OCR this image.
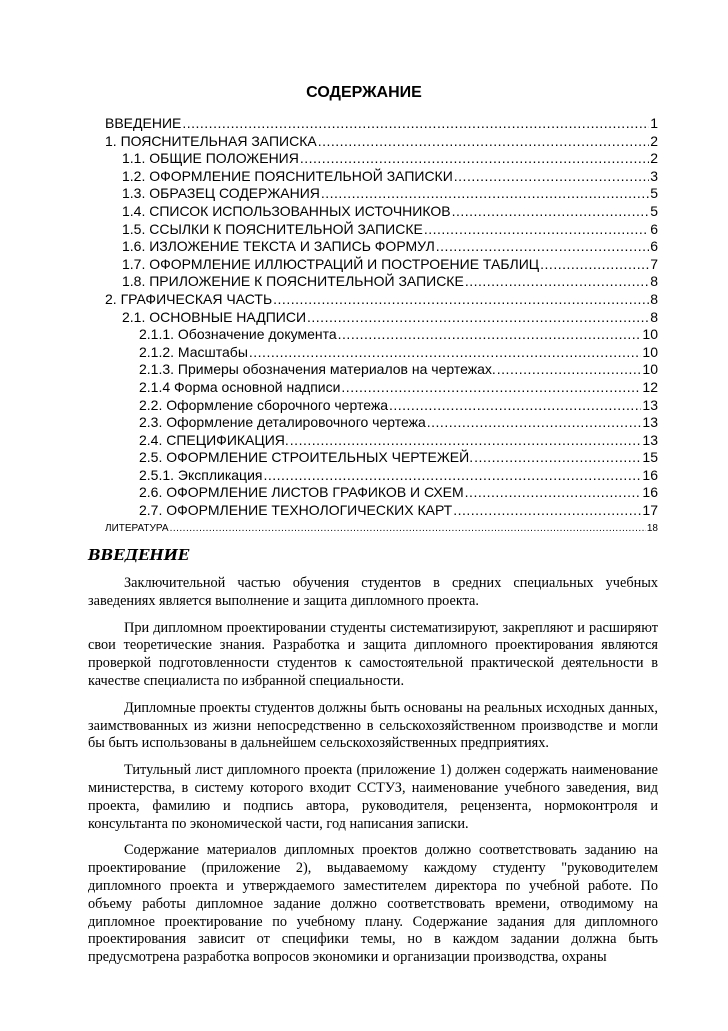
СОДЕРЖАНИЕ
ВВЕДЕНИЕ .....	1
1. ПОЯСНИТЕЛЬНАЯ ЗАПИСКА .....	2
1.1. ОБЩИЕ ПОЛОЖЕНИЯ .....	2
1.2. ОФОРМЛЕНИЕ ПОЯСНИТЕЛЬНОЙ ЗАПИСКИ .....	3
1.3. ОБРАЗЕЦ СОДЕРЖАНИЯ .....	5
1.4. СПИСОК ИСПОЛЬЗОВАННЫХ ИСТОЧНИКОВ .....	5
1.5. ССЫЛКИ К ПОЯСНИТЕЛЬНОЙ ЗАПИСКЕ .....	6
1.6. ИЗЛОЖЕНИЕ ТЕКСТА И ЗАПИСЬ ФОРМУЛ .....	6
1.7. ОФОРМЛЕНИЕ ИЛЛЮСТРАЦИЙ И ПОСТРОЕНИЕ ТАБЛИЦ .....	7
1.8. ПРИЛОЖЕНИЕ К ПОЯСНИТЕЛЬНОЙ ЗАПИСКЕ .....	8
2. ГРАФИЧЕСКАЯ ЧАСТЬ .....	8
2.1. ОСНОВНЫЕ НАДПИСИ .....	8
2.1.1. Обозначение документа .....	10
2.1.2. Масштабы .....	10
2.1.3. Примеры обозначения материалов на чертежах. .....	10
2.1.4 Форма основной надписи .....	12
2.2. Оформление сборочного чертежа .....	13
2.3. Оформление деталировочного чертежа .....	13
2.4. СПЕЦИФИКАЦИЯ. .....	13
2.5. ОФОРМЛЕНИЕ СТРОИТЕЛЬНЫХ ЧЕРТЕЖЕЙ. .....	15
2.5.1. Экспликация .....	16
2.6. ОФОРМЛЕНИЕ ЛИСТОВ ГРАФИКОВ И СХЕМ .....	16
2.7. ОФОРМЛЕНИЕ ТЕХНОЛОГИЧЕСКИХ КАРТ .....	17
ЛИТЕРАТУРА .....	18
ВВЕДЕНИЕ

Заключительной частью обучения студентов в средних специальных учебных заведениях является выполнение и защита дипломного проекта.

При дипломном проектировании студенты систематизируют, закрепляют и расширяют свои теоретические знания. Разработка и защита дипломного проектирования являются проверкой подготовленности студентов к самостоятельной практической деятельности в качестве специалиста по избранной специальности.

Дипломные проекты студентов должны быть основаны на реальных исходных данных, заимствованных из жизни непосредственно в сельскохозяйственном производстве и могли бы быть использованы в дальнейшем сельскохозяйственных предприятиях.

Титульный лист дипломного проекта (приложение 1) должен содержать наименование министерства, в систему которого входит ССТУЗ, наименование учебного заведения, вид проекта, фамилию и подпись автора, руководителя, рецензента, нормоконтроля и консультанта по экономической части, год написания записки.

Содержание материалов дипломных проектов должно соответствовать заданию на проектирование (приложение 2), выдаваемому каждому студенту "руководителем дипломного проекта и утверждаемого заместителем директора по учебной работе. По объему работы дипломное задание должно соответствовать времени, отводимому на дипломное проектирование по учебному плану. Содержание задания для дипломного проектирования зависит от специфики темы, но в каждом задании должна быть предусмотрена разработка вопросов экономики и организации производства, охраны
